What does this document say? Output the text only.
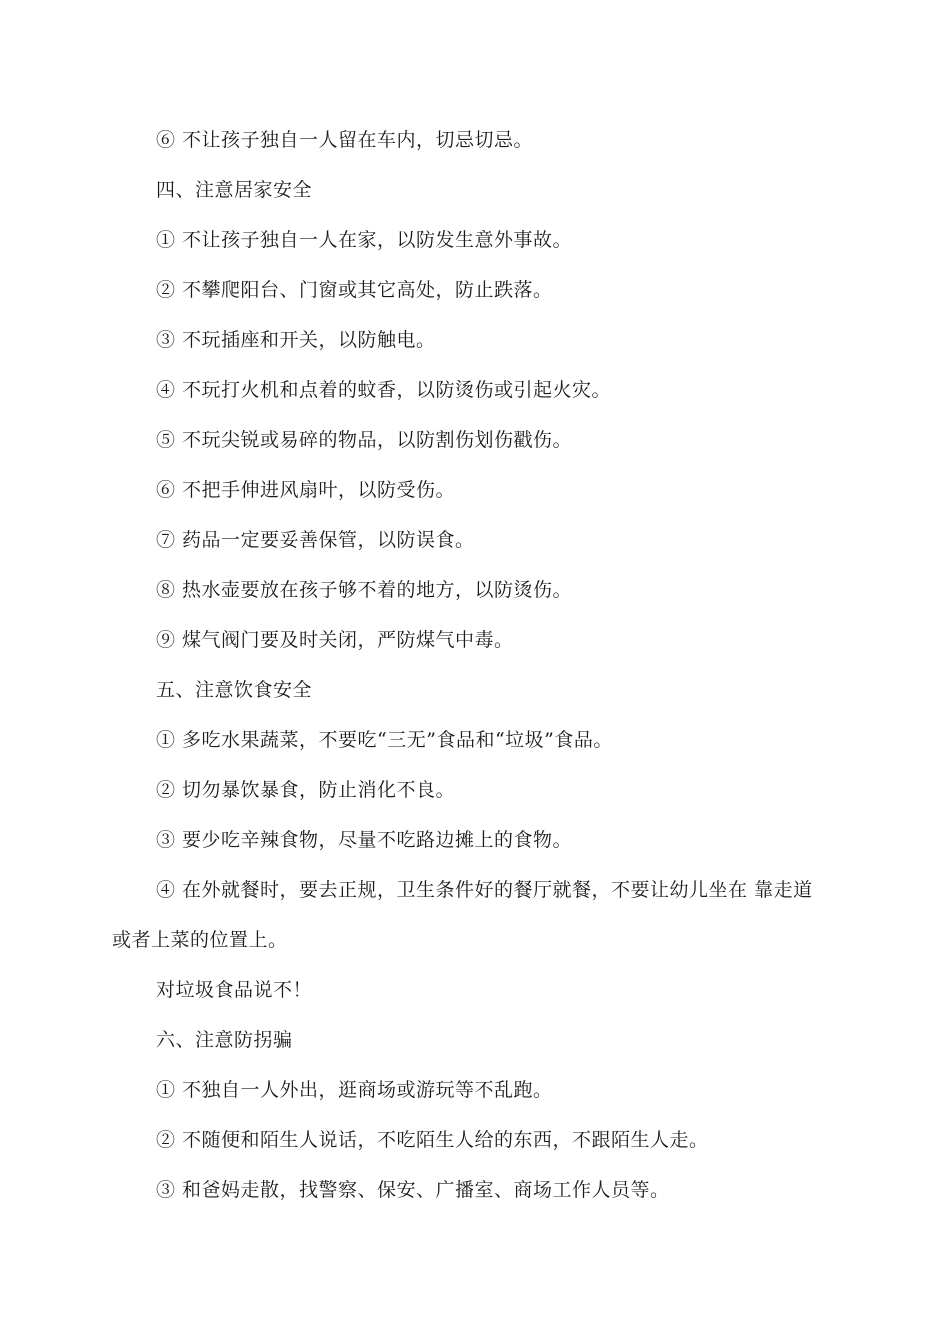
⑥ 不让孩子独自一人留在车内，切忌切忌。
四、注意居家安全
① 不让孩子独自一人在家，以防发生意外事故。
② 不攀爬阳台、门窗或其它高处，防止跌落。
③ 不玩插座和开关，以防触电。
④ 不玩打火机和点着的蚊香，以防烫伤或引起火灾。
⑤ 不玩尖锐或易碎的物品，以防割伤划伤戳伤。
⑥ 不把手伸进风扇叶，以防受伤。
⑦ 药品一定要妥善保管，以防误食。
⑧ 热水壶要放在孩子够不着的地方，以防烫伤。
⑨ 煤气阀门要及时关闭，严防煤气中毒。
五、注意饮食安全
① 多吃水果蔬菜，不要吃“三无”食品和“垃圾”食品。
② 切勿暴饮暴食，防止消化不良。
③ 要少吃辛辣食物，尽量不吃路边摊上的食物。
④ 在外就餐时，要去正规，卫生条件好的餐厅就餐，不要让幼儿坐在 靠走道
或者上菜的位置上。
对垃圾食品说不！
六、注意防拐骗
① 不独自一人外出，逛商场或游玩等不乱跑。
② 不随便和陌生人说话，不吃陌生人给的东西，不跟陌生人走。
③ 和爸妈走散，找警察、保安、广播室、商场工作人员等。
